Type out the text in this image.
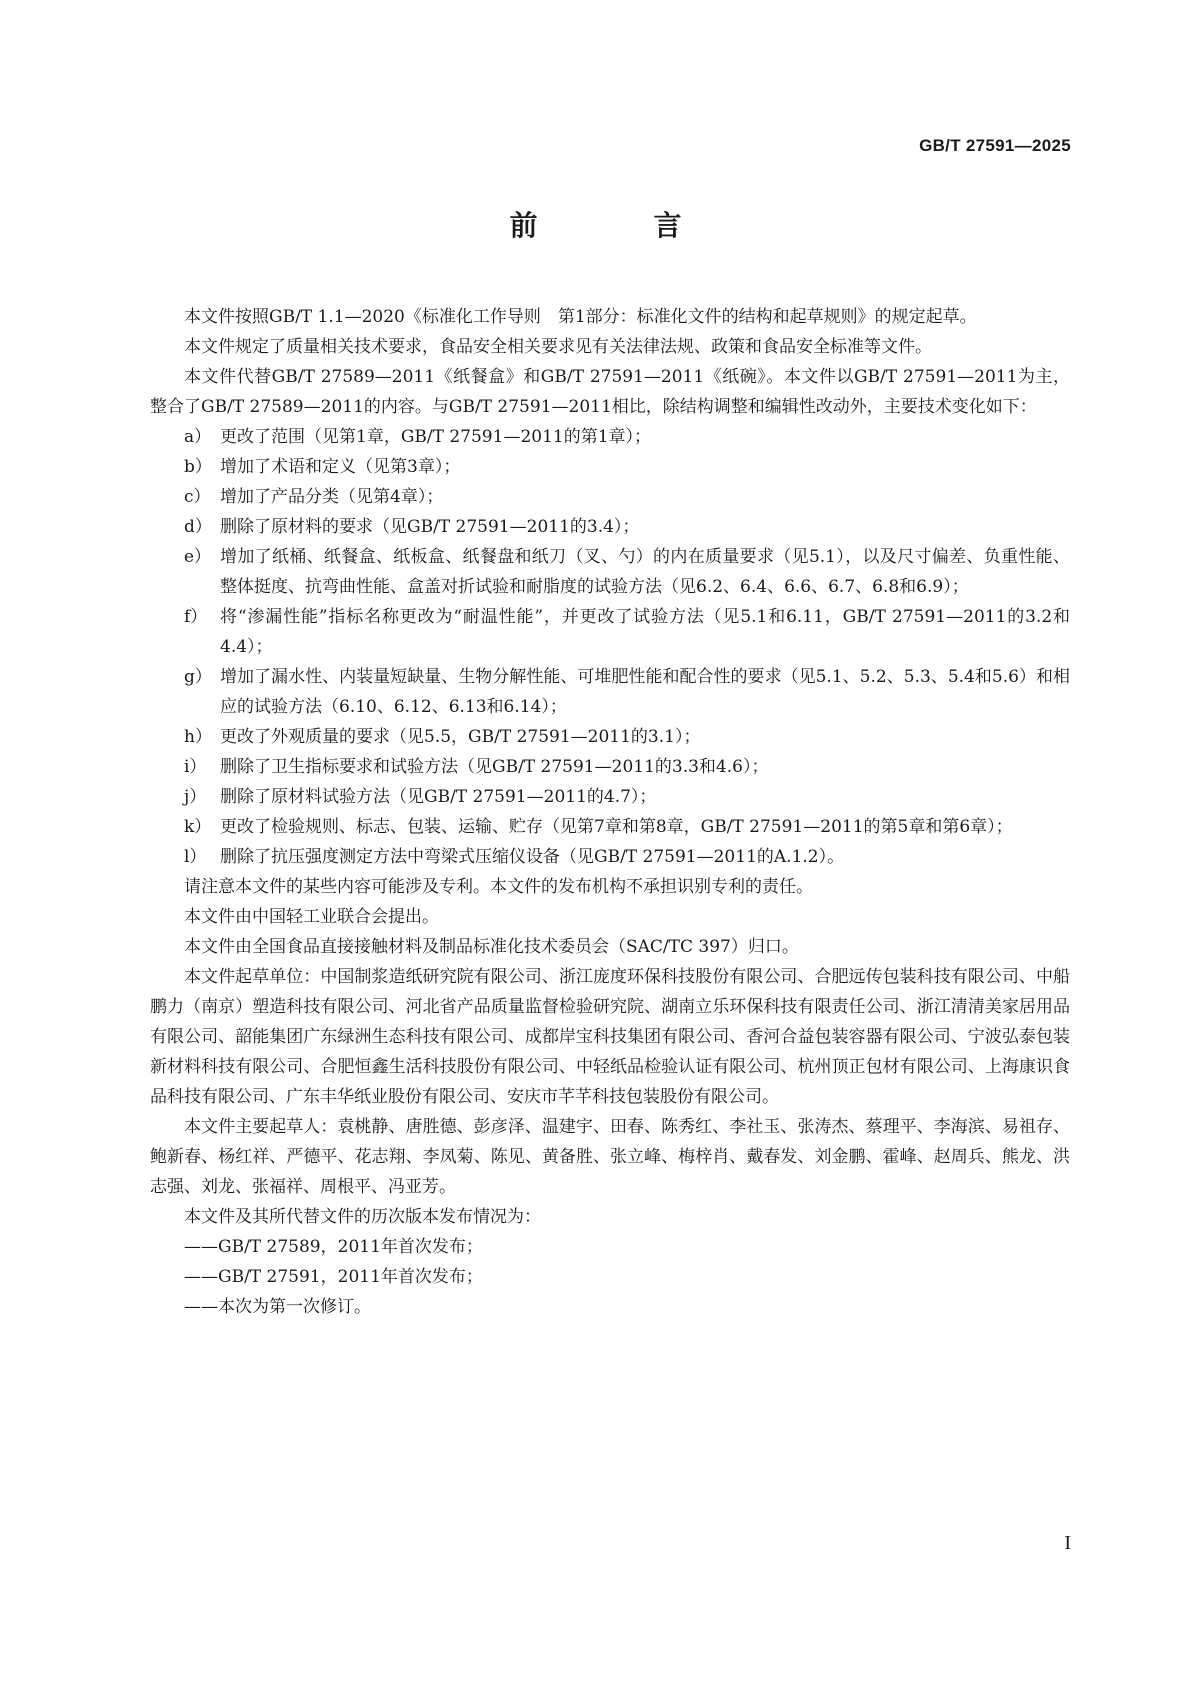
GB/T 27591—2025
前　言

本文件按照GB/T 1.1—2020《标准化工作导则　第1部分：标准化文件的结构和起草规则》的规定起草。

本文件规定了质量相关技术要求，食品安全相关要求见有关法律法规、政策和食品安全标准等文件。

本文件代替GB/T 27589—2011《纸餐盒》和GB/T 27591—2011《纸碗》。本文件以GB/T 27591—2011为主，整合了GB/T 27589—2011的内容。与GB/T 27591—2011相比，除结构调整和编辑性改动外，主要技术变化如下：

a） 更改了范围（见第1章，GB/T 27591—2011的第1章）；
b） 增加了术语和定义（见第3章）；
c） 增加了产品分类（见第4章）；
d） 删除了原材料的要求（见GB/T 27591—2011的3.4）；
e） 增加了纸桶、纸餐盒、纸板盒、纸餐盘和纸刀（叉、勺）的内在质量要求（见5.1），以及尺寸偏差、负重性能、整体挺度、抗弯曲性能、盒盖对折试验和耐脂度的试验方法（见6.2、6.4、6.6、6.7、6.8和6.9）；
f） 将“渗漏性能”指标名称更改为“耐温性能”，并更改了试验方法（见5.1和6.11，GB/T 27591—2011的3.2和4.4）；
g） 增加了漏水性、内装量短缺量、生物分解性能、可堆肥性能和配合性的要求（见5.1、5.2、5.3、5.4和5.6）和相应的试验方法（6.10、6.12、6.13和6.14）；
h） 更改了外观质量的要求（见5.5，GB/T 27591—2011的3.1）；
i） 删除了卫生指标要求和试验方法（见GB/T 27591—2011的3.3和4.6）；
j） 删除了原材料试验方法（见GB/T 27591—2011的4.7）；
k） 更改了检验规则、标志、包装、运输、贮存（见第7章和第8章，GB/T 27591—2011的第5章和第6章）；
l） 删除了抗压强度测定方法中弯梁式压缩仪设备（见GB/T 27591—2011的A.1.2）。

请注意本文件的某些内容可能涉及专利。本文件的发布机构不承担识别专利的责任。

本文件由中国轻工业联合会提出。

本文件由全国食品直接接触材料及制品标准化技术委员会（SAC/TC 397）归口。

本文件起草单位：中国制浆造纸研究院有限公司、浙江庞度环保科技股份有限公司、合肥远传包装科技有限公司、中船鹏力（南京）塑造科技有限公司、河北省产品质量监督检验研究院、湖南立乐环保科技有限责任公司、浙江清清美家居用品有限公司、韶能集团广东绿洲生态科技有限公司、成都岸宝科技集团有限公司、香河合益包装容器有限公司、宁波弘泰包装新材料科技有限公司、合肥恒鑫生活科技股份有限公司、中轻纸品检验认证有限公司、杭州顶正包材有限公司、上海康识食品科技有限公司、广东丰华纸业股份有限公司、安庆市芊芊科技包装股份有限公司。

本文件主要起草人：袁桃静、唐胜德、彭彦泽、温建宇、田春、陈秀红、李社玉、张涛杰、蔡理平、李海滨、易祖存、鲍新春、杨红祥、严德平、花志翔、李凤菊、陈见、黄备胜、张立峰、梅梓肖、戴春发、刘金鹏、霍峰、赵周兵、熊龙、洪志强、刘龙、张福祥、周根平、冯亚芳。

本文件及其所代替文件的历次版本发布情况为：

——GB/T 27589，2011年首次发布；
——GB/T 27591，2011年首次发布；
——本次为第一次修订。
I
